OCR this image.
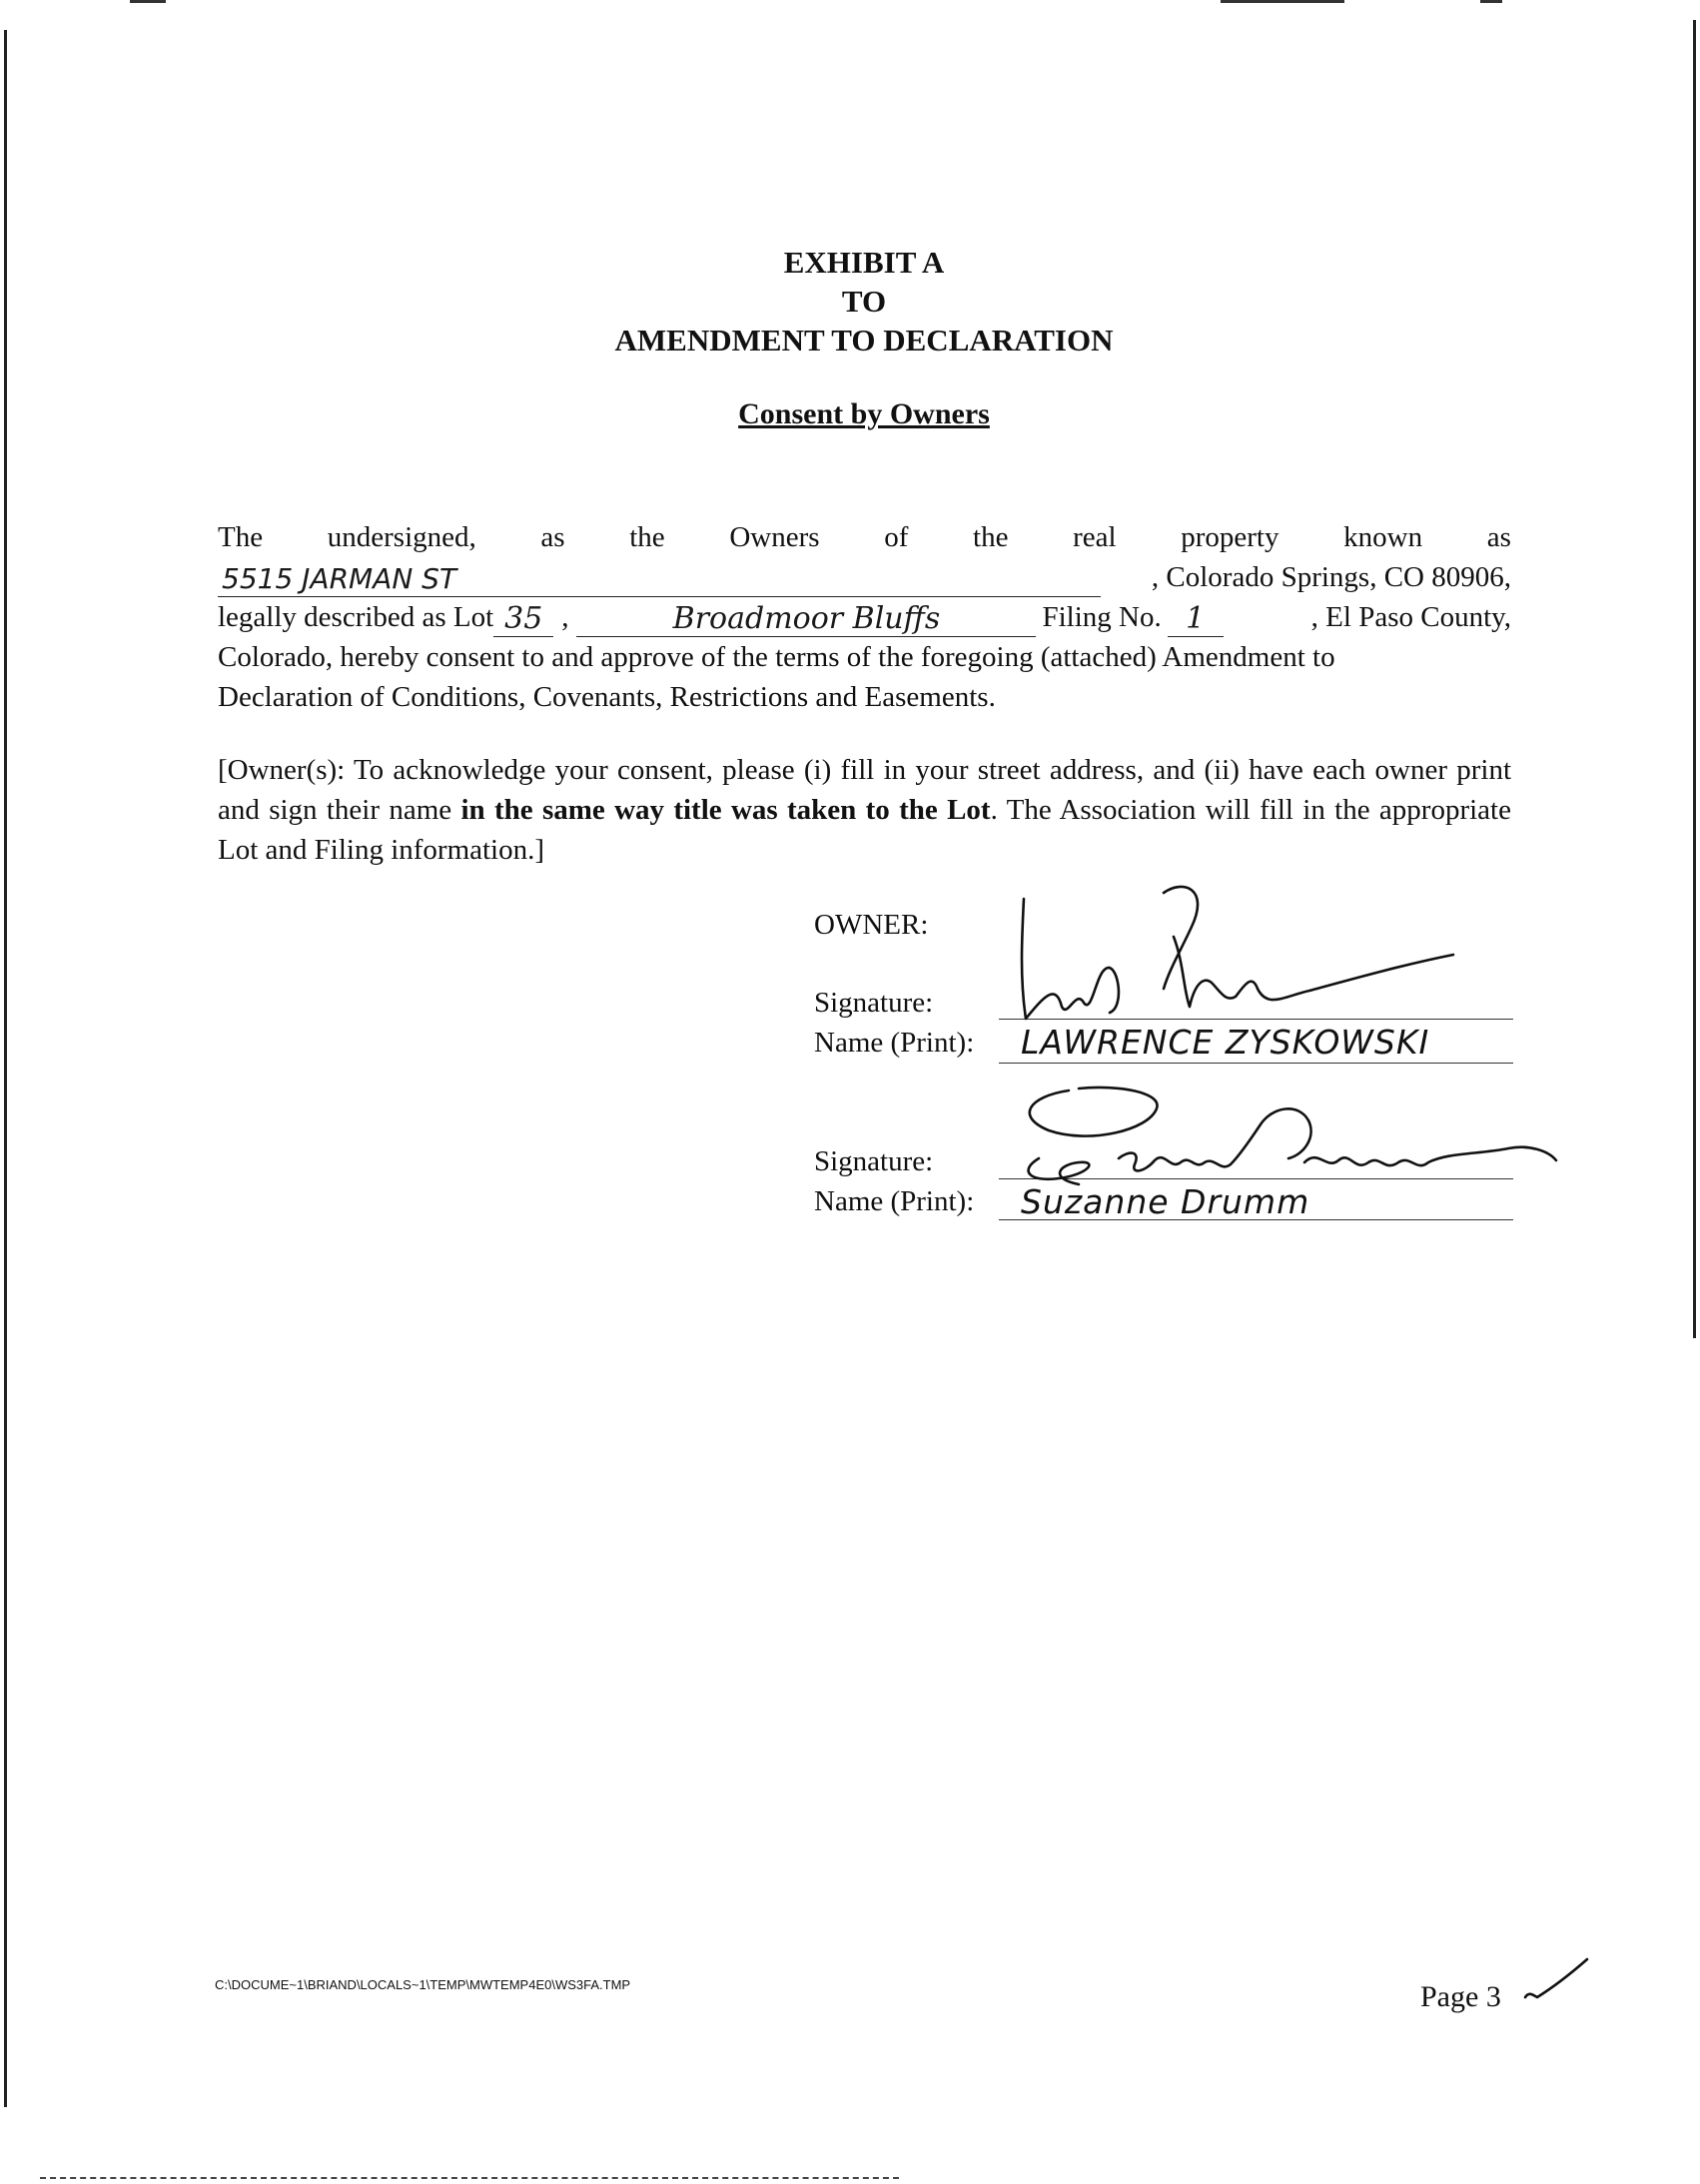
EXHIBIT A
TO
AMENDMENT TO DECLARATION
Consent by Owners
The undersigned, as the Owners of the real property known as
5515 JARMAN ST	, Colorado Springs, CO 80906,
legally described as Lot 35 ,	Broadmoor Bluffs	Filing No. 1	, El Paso County,
Colorado, hereby consent to and approve of the terms of the foregoing (attached) Amendment to
Declaration of Conditions, Covenants, Restrictions and Easements.
[Owner(s): To acknowledge your consent, please (i) fill in your street address, and (ii) have each owner print and sign their name in the same way title was taken to the Lot. The Association will fill in the appropriate Lot and Filing information.]
OWNER:
Signature:
Name (Print): LAWRENCE ZYSKOWSKI
Signature:
Name (Print): Suzanne Drumm
C:\DOCUME~1\BRIAND\LOCALS~1\TEMP\MWTEMP4E0\WS3FA.TMP	Page 3
